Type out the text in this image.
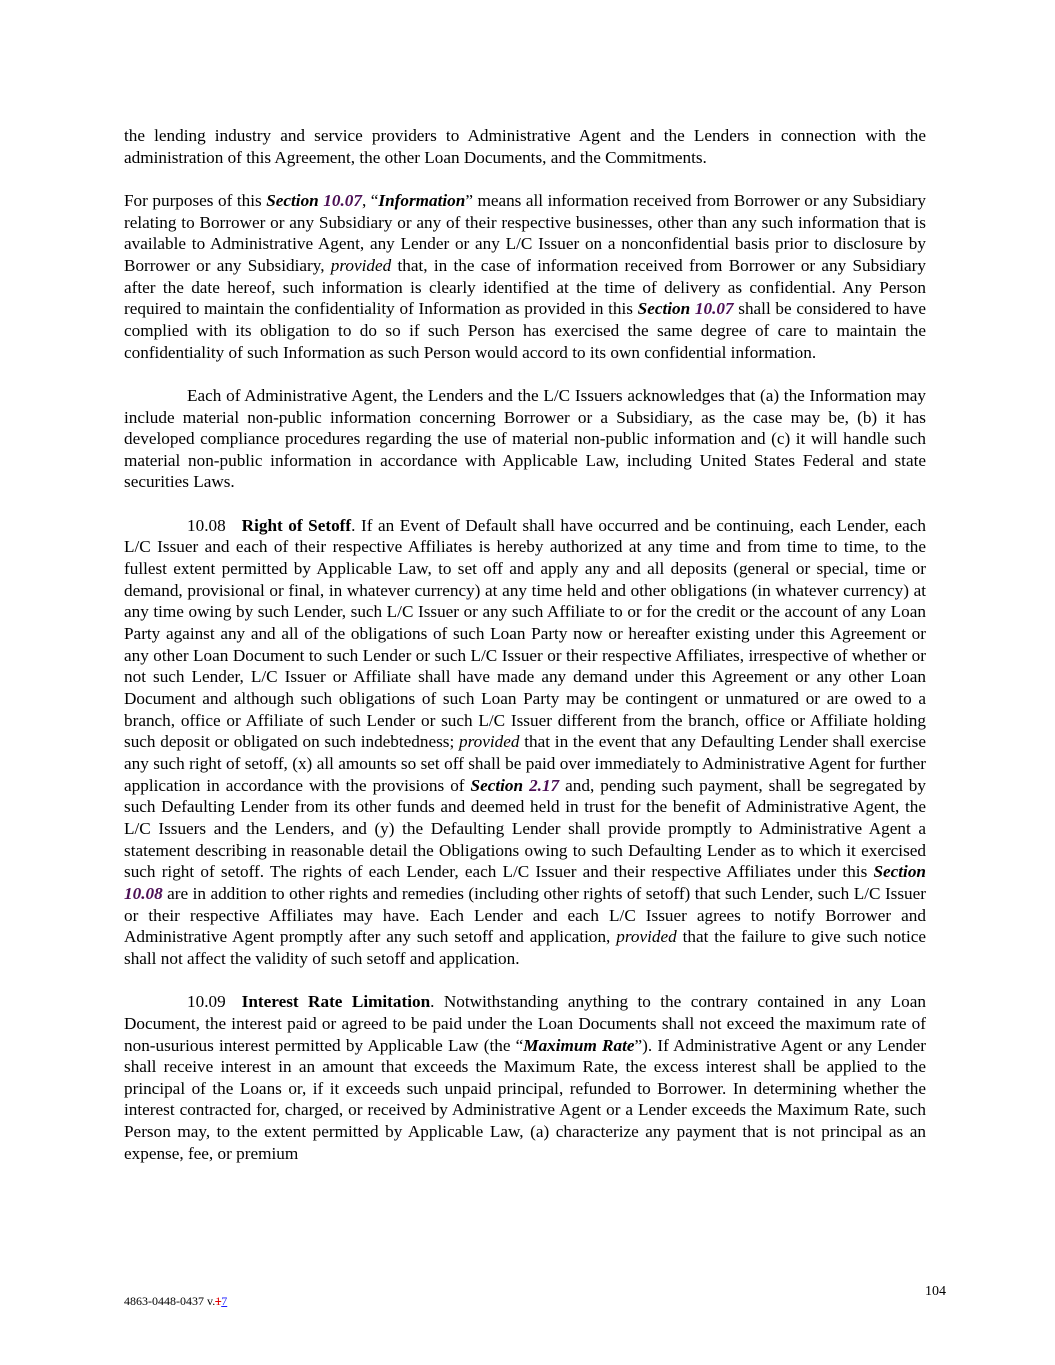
the lending industry and service providers to Administrative Agent and the Lenders in connection with the administration of this Agreement, the other Loan Documents, and the Commitments.

For purposes of this Section 10.07, “Information” means all information received from Borrower or any Subsidiary relating to Borrower or any Subsidiary or any of their respective businesses, other than any such information that is available to Administrative Agent, any Lender or any L/C Issuer on a nonconfidential basis prior to disclosure by Borrower or any Subsidiary, provided that, in the case of information received from Borrower or any Subsidiary after the date hereof, such information is clearly identified at the time of delivery as confidential. Any Person required to maintain the confidentiality of Information as provided in this Section 10.07 shall be considered to have complied with its obligation to do so if such Person has exercised the same degree of care to maintain the confidentiality of such Information as such Person would accord to its own confidential information.

Each of Administrative Agent, the Lenders and the L/C Issuers acknowledges that (a) the Information may include material non-public information concerning Borrower or a Subsidiary, as the case may be, (b) it has developed compliance procedures regarding the use of material non-public information and (c) it will handle such material non-public information in accordance with Applicable Law, including United States Federal and state securities Laws.

10.08 Right of Setoff. If an Event of Default shall have occurred and be continuing, each Lender, each L/C Issuer and each of their respective Affiliates is hereby authorized at any time and from time to time, to the fullest extent permitted by Applicable Law, to set off and apply any and all deposits (general or special, time or demand, provisional or final, in whatever currency) at any time held and other obligations (in whatever currency) at any time owing by such Lender, such L/C Issuer or any such Affiliate to or for the credit or the account of any Loan Party against any and all of the obligations of such Loan Party now or hereafter existing under this Agreement or any other Loan Document to such Lender or such L/C Issuer or their respective Affiliates, irrespective of whether or not such Lender, L/C Issuer or Affiliate shall have made any demand under this Agreement or any other Loan Document and although such obligations of such Loan Party may be contingent or unmatured or are owed to a branch, office or Affiliate of such Lender or such L/C Issuer different from the branch, office or Affiliate holding such deposit or obligated on such indebtedness; provided that in the event that any Defaulting Lender shall exercise any such right of setoff, (x) all amounts so set off shall be paid over immediately to Administrative Agent for further application in accordance with the provisions of Section 2.17 and, pending such payment, shall be segregated by such Defaulting Lender from its other funds and deemed held in trust for the benefit of Administrative Agent, the L/C Issuers and the Lenders, and (y) the Defaulting Lender shall provide promptly to Administrative Agent a statement describing in reasonable detail the Obligations owing to such Defaulting Lender as to which it exercised such right of setoff. The rights of each Lender, each L/C Issuer and their respective Affiliates under this Section 10.08 are in addition to other rights and remedies (including other rights of setoff) that such Lender, such L/C Issuer or their respective Affiliates may have. Each Lender and each L/C Issuer agrees to notify Borrower and Administrative Agent promptly after any such setoff and application, provided that the failure to give such notice shall not affect the validity of such setoff and application.

10.09 Interest Rate Limitation. Notwithstanding anything to the contrary contained in any Loan Document, the interest paid or agreed to be paid under the Loan Documents shall not exceed the maximum rate of non-usurious interest permitted by Applicable Law (the “Maximum Rate”). If Administrative Agent or any Lender shall receive interest in an amount that exceeds the Maximum Rate, the excess interest shall be applied to the principal of the Loans or, if it exceeds such unpaid principal, refunded to Borrower. In determining whether the interest contracted for, charged, or received by Administrative Agent or a Lender exceeds the Maximum Rate, such Person may, to the extent permitted by Applicable Law, (a) characterize any payment that is not principal as an expense, fee, or premium

4863-0448-0437 v.17
104
